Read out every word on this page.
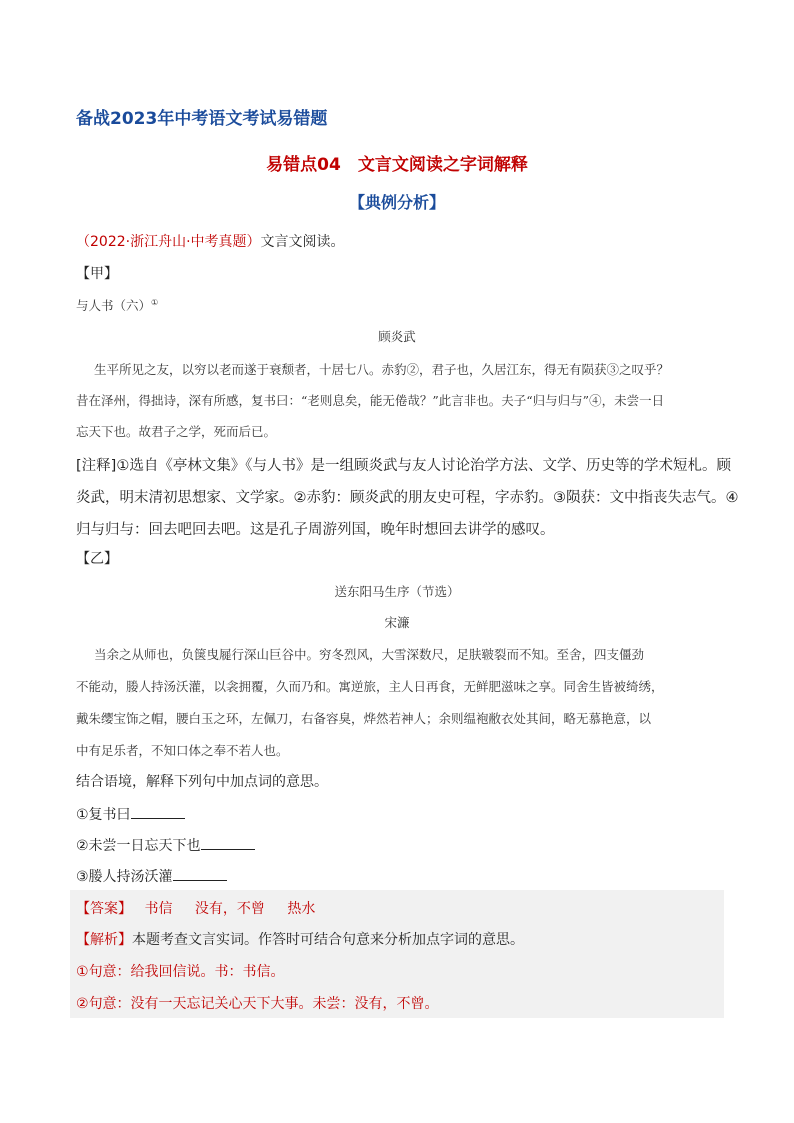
备战2023年中考语文考试易错题
易错点04　文言文阅读之字词解释
【典例分析】
（2022·浙江舟山·中考真题）文言文阅读。
【甲】
与人书（六）①
顾炎武
生平所见之友，以穷以老而遂于衰颓者，十居七八。赤豹②，君子也，久居江东，得无有陨获③之叹乎？
昔在泽州，得拙诗，深有所感，复书曰：“老则息矣，能无倦哉？”此言非也。夫子“归与归与”④，未尝一日
忘天下也。故君子之学，死而后已。
[注释]①选自《亭林文集》《与人书》是一组顾炎武与友人讨论治学方法、文学、历史等的学术短札。顾
炎武，明末清初思想家、文学家。②赤豹：顾炎武的朋友史可程，字赤豹。③陨获：文中指丧失志气。④
归与归与：回去吧回去吧。这是孔子周游列国，晚年时想回去讲学的感叹。
【乙】
送东阳马生序（节选）
宋濂
当余之从师也，负箧曳屣行深山巨谷中。穷冬烈风，大雪深数尺，足肤皲裂而不知。至舍，四支僵劲
不能动，媵人持汤沃灌，以衾拥覆，久而乃和。寓逆旅，主人日再食，无鲜肥滋味之享。同舍生皆被绮绣，
戴朱缨宝饰之帽，腰白玉之环，左佩刀，右备容臭，烨然若神人；余则缊袍敝衣处其间，略无慕艳意，以
中有足乐者，不知口体之奉不若人也。
结合语境，解释下列句中加点词的意思。
①复书曰
②未尝一日忘天下也
③媵人持汤沃灌
【答案】 书信 没有，不曾 热水
【解析】本题考查文言实词。作答时可结合句意来分析加点字词的意思。
①句意：给我回信说。书：书信。
②句意：没有一天忘记关心天下大事。未尝：没有，不曾。
